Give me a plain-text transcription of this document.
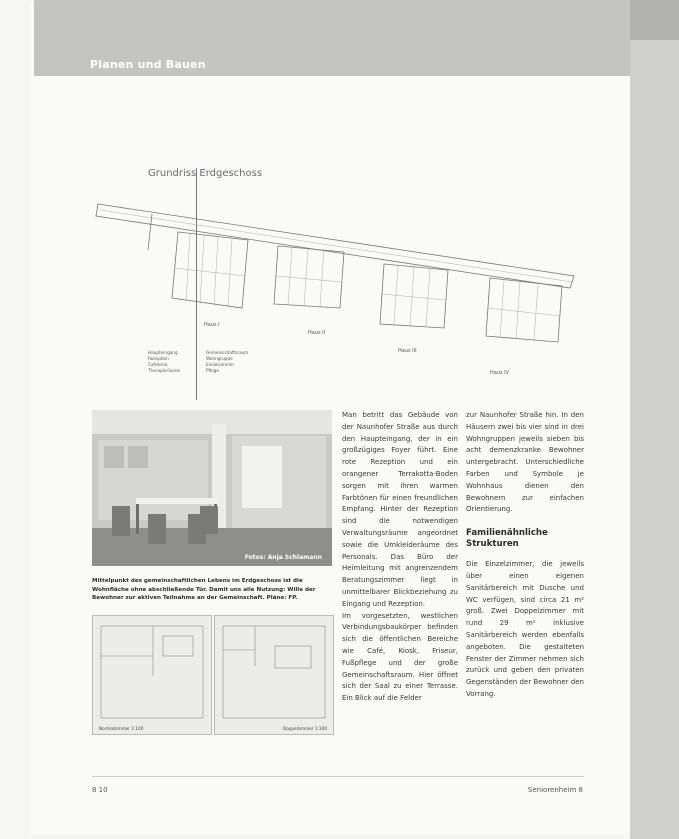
Planen und Bauen
Grundriss Erdgeschoss
Haus I
Haus II
Haus III
Haus IV
Haupteingang
Rezeption
Cafeteria
Therapieräume
Gemeinschaftsraum
Wohngruppe
Einzelzimmer
Pflege
Fotos: Anja Schlamann
Mittelpunkt des gemeinschaftlichen Lebens im Erdgeschoss ist die Wohnfläche ohne abschließende Tür. Damit uns alle Nutzung: Wille der Bewohner zur aktiven Teilnahme an der Gemeinschaft. Pläne: FP.
Normalzimmer 1:100	Doppelzimmer 1:100

Man betritt das Gebäude von der Naunhofer Straße aus durch den Haupteingang, der in ein großzügiges Foyer führt. Eine rote Rezeption und ein orangener Terrakotta-Boden sorgen mit ihren warmen Farbtönen für einen freundlichen Empfang. Hinter der Rezeption sind die notwendigen Verwaltungsräume angeordnet sowie die Umkleideräume des Personals. Das Büro der Heimleitung mit angrenzendem Beratungszimmer liegt in unmittelbarer Blickbeziehung zu Eingang und Rezeption.

Im vorgesetzten, westlichen Verbindungsbaukörper befinden sich die öffentlichen Bereiche wie Café, Kiosk, Friseur, Fußpflege und der große Gemeinschaftsraum. Hier öffnet sich der Saal zu einer Terrasse. Ein Blick auf die Felder

zur Naunhofer Straße hin. In den Häusern zwei bis vier sind in drei Wohngruppen jeweils sieben bis acht demenzkranke Bewohner untergebracht. Unterschiedliche Farben und Symbole je Wohnhaus dienen den Bewohnern zur einfachen Orientierung.

Familienähnliche Strukturen

Die Einzelzimmer, die jeweils über einen eigenen Sanitärbereich mit Dusche und WC verfügen, sind circa 21 m² groß. Zwei Doppelzimmer mit rund 29 m² inklusive Sanitärbereich werden ebenfalls angeboten. Die gestalteten Fenster der Zimmer nehmen sich zurück und geben den privaten Gegenständen der Bewohner den Vorrang.

8 10	Seniorenheim 8
